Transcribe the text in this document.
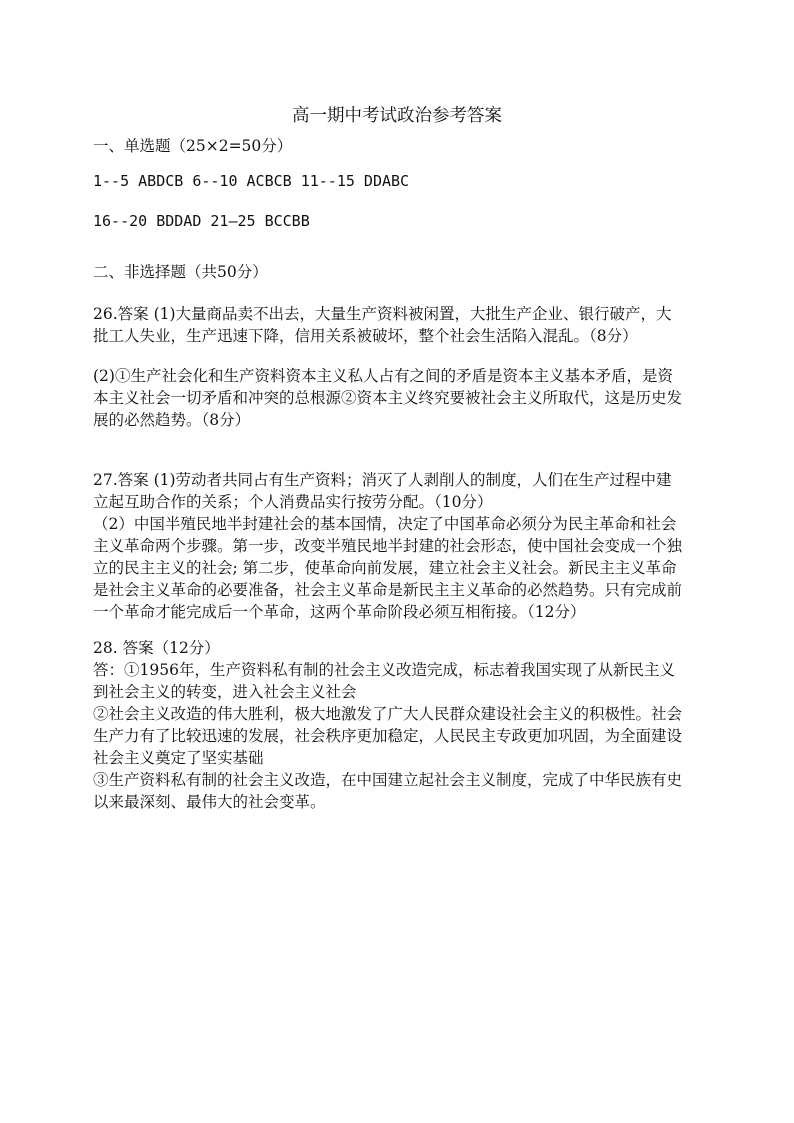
高一期中考试政治参考答案
一、单选题（25×2=50分）
1--5 ABDCB 6--10 ACBCB 11--15 DDABC
16--20 BDDAD 21—25 BCCBB
二、非选择题（共50分）
26.答案 (1)大量商品卖不出去，大量生产资料被闲置，大批生产企业、银行破产，大
批工人失业，生产迅速下降，信用关系被破坏，整个社会生活陷入混乱。（8分）
(2)①生产社会化和生产资料资本主义私人占有之间的矛盾是资本主义基本矛盾，是资
本主义社会一切矛盾和冲突的总根源②资本主义终究要被社会主义所取代，这是历史发
展的必然趋势。（8分）
27.答案 (1)劳动者共同占有生产资料；消灭了人剥削人的制度，人们在生产过程中建
立起互助合作的关系；个人消费品实行按劳分配。（10分）
（2）中国半殖民地半封建社会的基本国情，决定了中国革命必须分为民主革命和社会
主义革命两个步骤。第一步，改变半殖民地半封建的社会形态，使中国社会变成一个独
立的民主主义的社会; 第二步，使革命向前发展，建立社会主义社会。新民主主义革命
是社会主义革命的必要准备，社会主义革命是新民主主义革命的必然趋势。只有完成前
一个革命才能完成后一个革命，这两个革命阶段必须互相衔接。（12分）
28. 答案（12分）
答：①1956年，生产资料私有制的社会主义改造完成，标志着我国实现了从新民主义
到社会主义的转变，进入社会主义社会
②社会主义改造的伟大胜利，极大地激发了广大人民群众建设社会主义的积极性。社会
生产力有了比较迅速的发展，社会秩序更加稳定，人民民主专政更加巩固，为全面建设
社会主义奠定了坚实基础
③生产资料私有制的社会主义改造，在中国建立起社会主义制度，完成了中华民族有史
以来最深刻、最伟大的社会变革。
